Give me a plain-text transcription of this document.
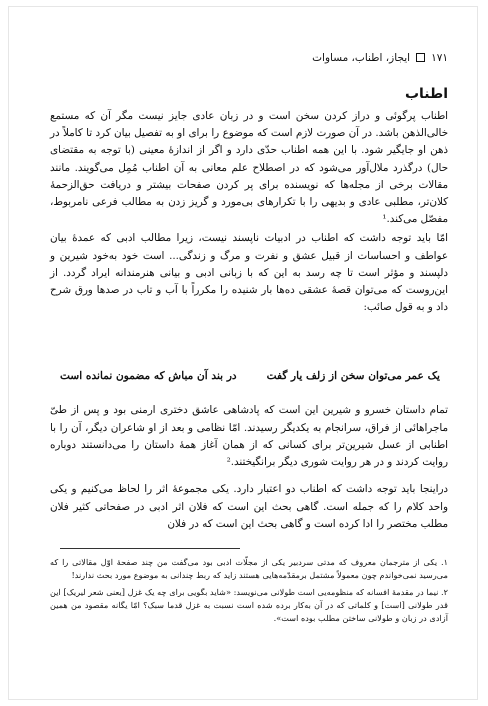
۱۷۱
ایجاز، اطناب، مساوات
اطناب

اطناب پرگوئی و دراز کردن سخن است و در زبان عادی جایز نیست مگر آن که مستمع خالی‌الذهن باشد. در آن صورت لازم است که موضوع را برای او به تفصیل بیان کرد تا کاملاً در ذهن او جایگیر شود. با این همه اطناب حدّی دارد و اگر از اندازهٔ معینی (با توجه به مقتضای حال) درگذرد ملال‌آور می‌شود که در اصطلاح علم معانی به آن اطناب مُمِل می‌گویند. مانند مقالات برخی از مجله‌ها که نویسنده برای پر کردن صفحات بیشتر و دریافت حق‌الزحمهٔ کلان‌تر، مطلبی عادی و بدیهی را با تکرارهای بی‌مورد و گریز زدن به مطالب فرعی نامربوط، مفصّل می‌کند.¹

امّا باید توجه داشت که اطناب در ادبیات ناپسند نیست، زیرا مطالب ادبی که عمدهٔ بیان عواطف و احساسات از قبیل عشق و نفرت و مرگ و زندگی... است خود به‌خود شیرین و دلپسند و مؤثر است تا چه رسد به این که با زبانی ادبی و بیانی هنرمندانه ایراد گردد. از این‌روست که می‌توان قصهٔ عشقی ده‌ها بار شنیده را مکرراً با آب و تاب در صدها ورق شرح داد و به قول صائب:

یک عمر می‌توان سخن از زلف یار گفت
در بند آن مباش که مضمون نمانده است

تمام داستان خسرو و شیرین این است که پادشاهی عاشق دختری ارمنی بود و پس از طیّ ماجراهائی از فراق، سرانجام به یکدیگر رسیدند. امّا نظامی و بعد از او شاعران دیگر، آن را با اطنابی از عسل شیرین‌تر برای کسانی که از همان آغاز همهٔ داستان را می‌دانستند دوباره روایت کردند و در هر روایت شوری دیگر برانگیختند.²

دراینجا باید توجه داشت که اطناب دو اعتبار دارد. یکی مجموعهٔ اثر را لحاظ می‌کنیم و یکی واحد کلام را که جمله است. گاهی بحث این است که فلان اثر ادبی در صفحاتی کثیر فلان مطلب مختصر را ادا کرده است و گاهی بحث این است که در فلان

۱. یکی از مترجمان معروف که مدتی سردبیر یکی از مجلّات ادبی بود می‌گفت من چند صفحهٔ اوّل مقالاتی را که می‌رسید نمی‌خواندم چون معمولاً مشتمل برمقدّمه‌هایی هستند زاید که ربط چندانی به موضوع مورد بحث ندارند!

۲. نیما در مقدمهٔ افسانه که منظومه‌یی است طولانی می‌نویسد: «شاید بگویی برای چه یک غزل [یعنی شعر لیریک] این قدر طولانی [است] و کلماتی که در آن به‌کار برده شده است نسبت به غزل قدما سبک؟ امّا یگانه مقصود من همین آزادی در زبان و طولانی ساختن مطلب بوده است».
